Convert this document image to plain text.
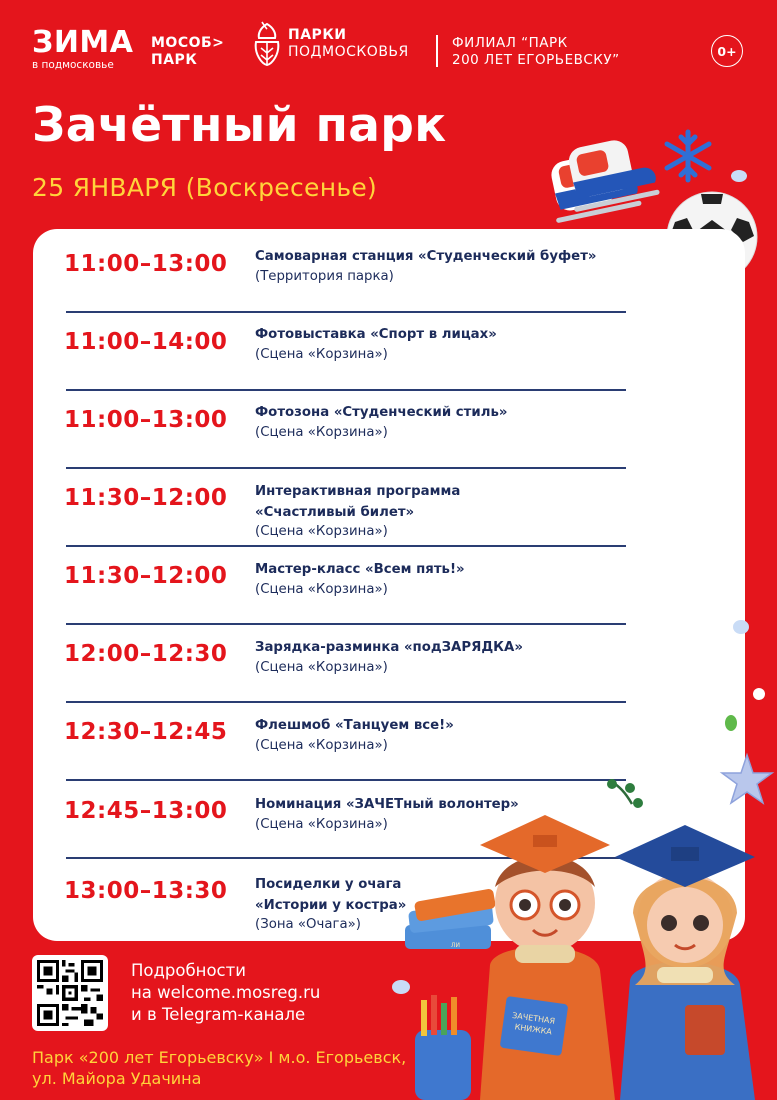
ЗИМА
в подмосковье
МОСОБ>
ПАРК
ПАРКИ
ПОДМОСКОВЬЯ
ФИЛИАЛ “ПАРК
200 ЛЕТ ЕГОРЬЕВСКУ”
0+
Зачётный парк
25 ЯНВАРЯ (Воскресенье)
11:00–13:00 Самоварная станция «Студенческий буфет»
(Территория парка)
11:00–14:00 Фотовыставка «Спорт в лицах»
(Сцена «Корзина»)
11:00–13:00 Фотозона «Студенческий стиль»
(Сцена «Корзина»)
11:30–12:00 Интерактивная программа
«Счастливый билет»
(Сцена «Корзина»)
11:30–12:00 Мастер-класс «Всем пять!»
(Сцена «Корзина»)
12:00–12:30 Зарядка-разминка «подЗАРЯДКА»
(Сцена «Корзина»)
12:30–12:45 Флешмоб «Танцуем все!»
(Сцена «Корзина»)
12:45–13:00 Номинация «ЗАЧЕТный волонтер»
(Сцена «Корзина»)
13:00–13:30 Посиделки у очага
«Истории у костра»
(Зона «Очага»)
ЛИ
ЗАЧЕТНАЯ КНИЖКА
Подробности
на welcome.mosreg.ru
и в Telegram-канале
Парк «200 лет Егорьевску» I м.о. Егорьевск,
ул. Майора Удачина
